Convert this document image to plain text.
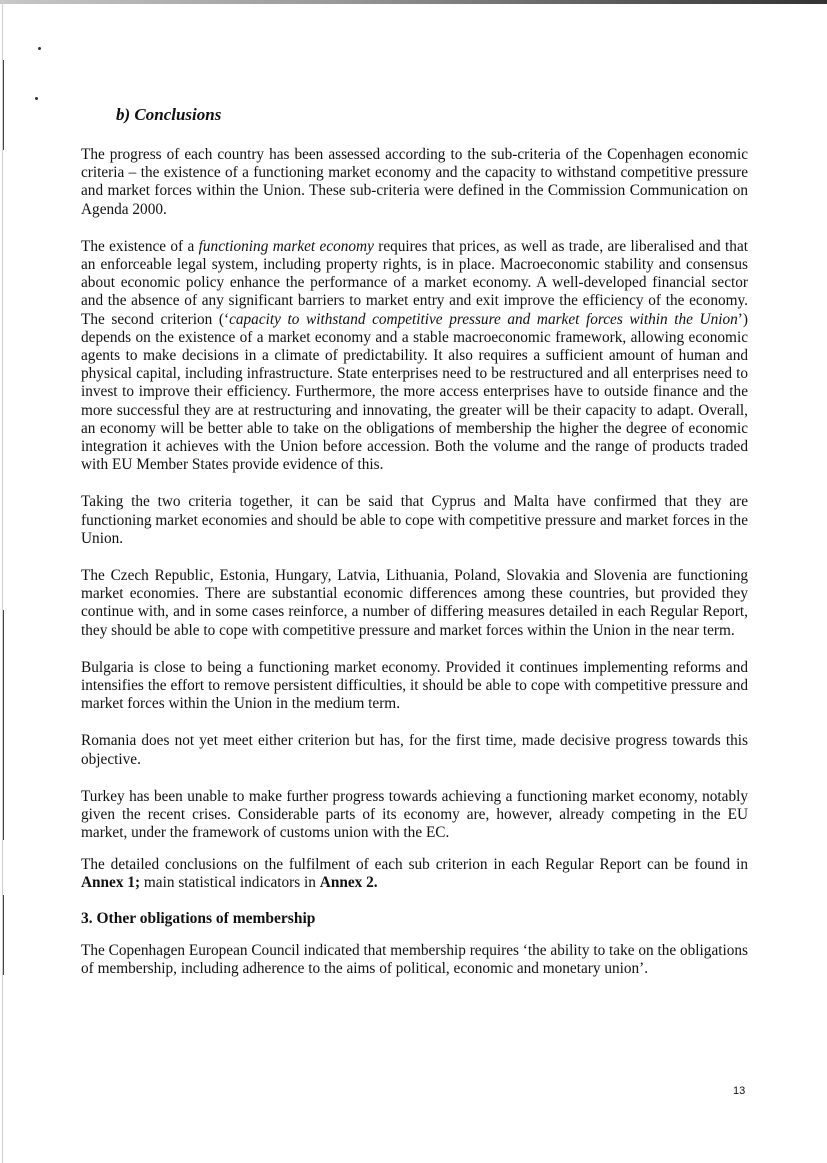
b) Conclusions

The progress of each country has been assessed according to the sub-criteria of the Copenhagen economic criteria – the existence of a functioning market economy and the capacity to withstand competitive pressure and market forces within the Union. These sub-criteria were defined in the Commission Communication on Agenda 2000.

The existence of a functioning market economy requires that prices, as well as trade, are liberalised and that an enforceable legal system, including property rights, is in place. Macroeconomic stability and consensus about economic policy enhance the performance of a market economy. A well-developed financial sector and the absence of any significant barriers to market entry and exit improve the efficiency of the economy. The second criterion (‘capacity to withstand competitive pressure and market forces within the Union’) depends on the existence of a market economy and a stable macroeconomic framework, allowing economic agents to make decisions in a climate of predictability. It also requires a sufficient amount of human and physical capital, including infrastructure. State enterprises need to be restructured and all enterprises need to invest to improve their efficiency. Furthermore, the more access enterprises have to outside finance and the more successful they are at restructuring and innovating, the greater will be their capacity to adapt. Overall, an economy will be better able to take on the obligations of membership the higher the degree of economic integration it achieves with the Union before accession. Both the volume and the range of products traded with EU Member States provide evidence of this.

Taking the two criteria together, it can be said that Cyprus and Malta have confirmed that they are functioning market economies and should be able to cope with competitive pressure and market forces in the Union.

The Czech Republic, Estonia, Hungary, Latvia, Lithuania, Poland, Slovakia and Slovenia are functioning market economies. There are substantial economic differences among these countries, but provided they continue with, and in some cases reinforce, a number of differing measures detailed in each Regular Report, they should be able to cope with competitive pressure and market forces within the Union in the near term.

Bulgaria is close to being a functioning market economy. Provided it continues implementing reforms and intensifies the effort to remove persistent difficulties, it should be able to cope with competitive pressure and market forces within the Union in the medium term.

Romania does not yet meet either criterion but has, for the first time, made decisive progress towards this objective.

Turkey has been unable to make further progress towards achieving a functioning market economy, notably given the recent crises. Considerable parts of its economy are, however, already competing in the EU market, under the framework of customs union with the EC.

The detailed conclusions on the fulfilment of each sub criterion in each Regular Report can be found in Annex 1; main statistical indicators in Annex 2.

3. Other obligations of membership

The Copenhagen European Council indicated that membership requires ‘the ability to take on the obligations of membership, including adherence to the aims of political, economic and monetary union’.

13
